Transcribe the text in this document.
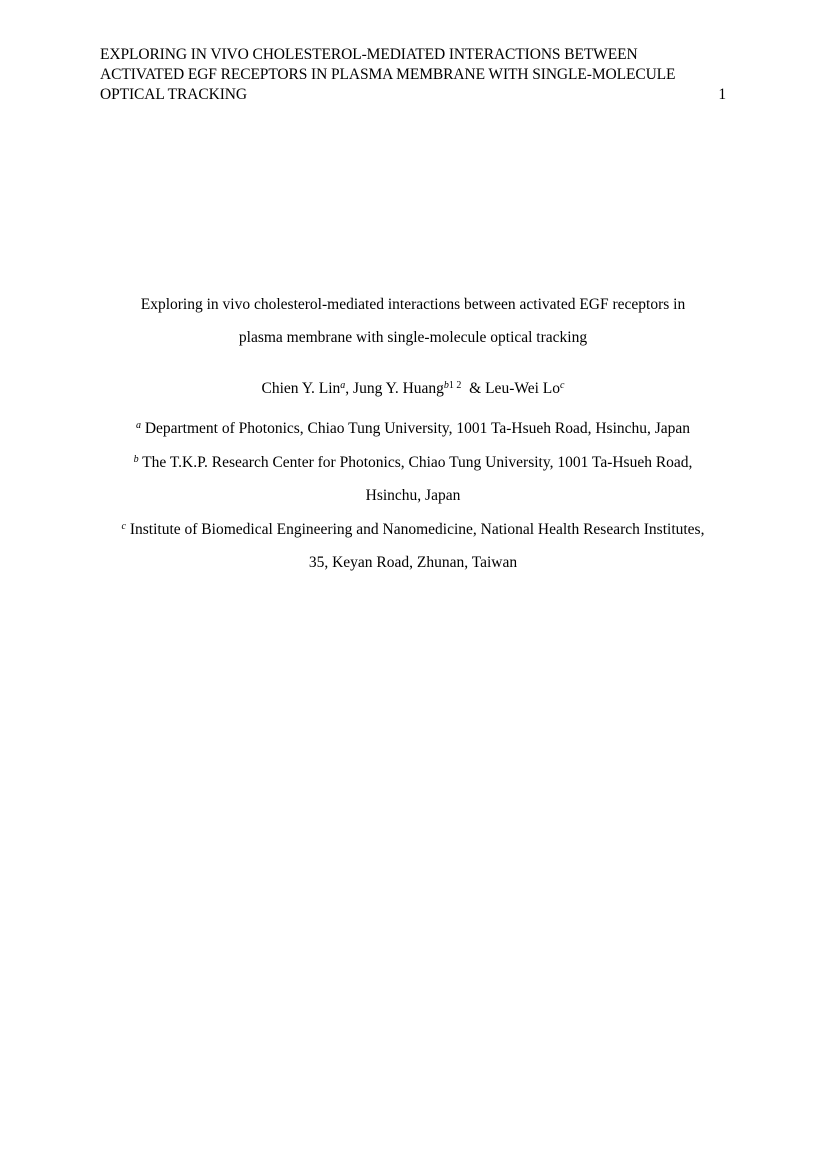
EXPLORING IN VIVO CHOLESTEROL-MEDIATED INTERACTIONS BETWEEN
ACTIVATED EGF RECEPTORS IN PLASMA MEMBRANE WITH SINGLE-MOLECULE
OPTICAL TRACKING	1
Exploring in vivo cholesterol-mediated interactions between activated EGF receptors in
plasma membrane with single-molecule optical tracking
Chien Y. Lin$^a$, Jung Y. Huang$^{b1 2}$  & Leu-Wei Lo$^c$
$^a$ Department of Photonics, Chiao Tung University, 1001 Ta-Hsueh Road, Hsinchu, Japan
$^b$ The T.K.P. Research Center for Photonics, Chiao Tung University, 1001 Ta-Hsueh Road,
Hsinchu, Japan
$^c$ Institute of Biomedical Engineering and Nanomedicine, National Health Research Institutes,
35, Keyan Road, Zhunan, Taiwan
